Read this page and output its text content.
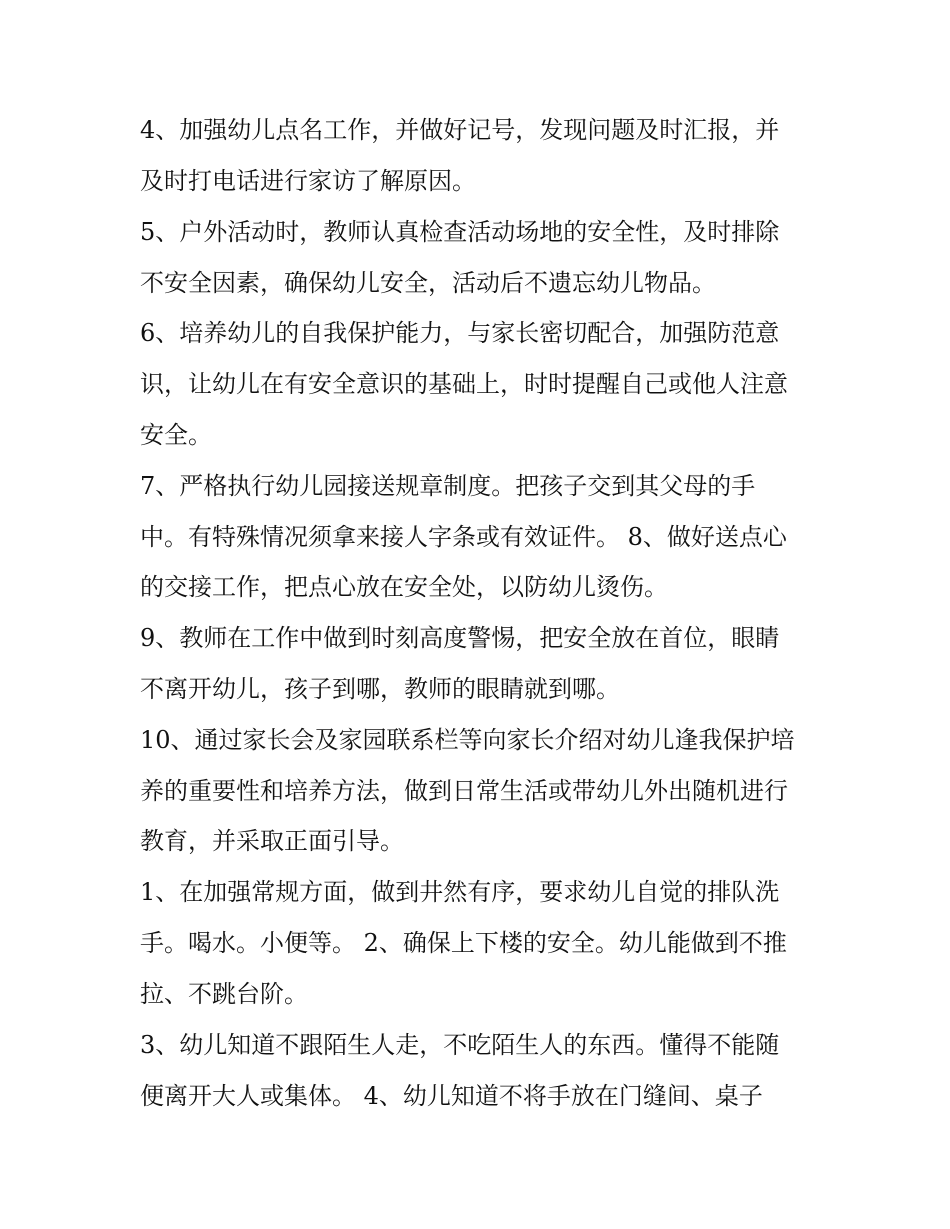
4、加强幼儿点名工作，并做好记号，发现问题及时汇报，并
及时打电话进行家访了解原因。
5、户外活动时，教师认真检查活动场地的安全性，及时排除
不安全因素，确保幼儿安全，活动后不遗忘幼儿物品。
6、培养幼儿的自我保护能力，与家长密切配合，加强防范意
识，让幼儿在有安全意识的基础上，时时提醒自己或他人注意
安全。
7、严格执行幼儿园接送规章制度。把孩子交到其父母的手
中。有特殊情况须拿来接人字条或有效证件。 8、做好送点心
的交接工作，把点心放在安全处，以防幼儿烫伤。
9、教师在工作中做到时刻高度警惕，把安全放在首位，眼睛
不离开幼儿，孩子到哪，教师的眼睛就到哪。
10、通过家长会及家园联系栏等向家长介绍对幼儿逢我保护培
养的重要性和培养方法，做到日常生活或带幼儿外出随机进行
教育，并采取正面引导。
1、在加强常规方面，做到井然有序，要求幼儿自觉的排队洗
手。喝水。小便等。 2、确保上下楼的安全。幼儿能做到不推
拉、不跳台阶。
3、幼儿知道不跟陌生人走，不吃陌生人的东西。懂得不能随
便离开大人或集体。 4、幼儿知道不将手放在门缝间、桌子
